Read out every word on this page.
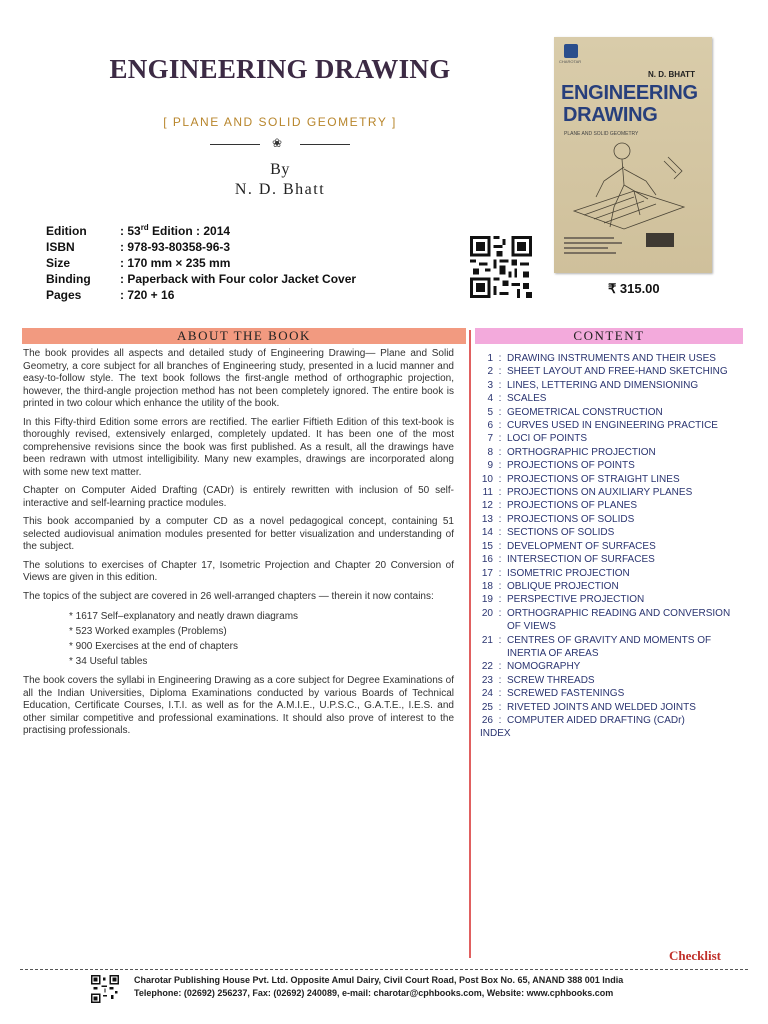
ENGINEERING DRAWING
[ PLANE AND SOLID GEOMETRY ]
❀
By
N. D. Bhatt
Edition	: 53rd Edition : 2014
ISBN	: 978-93-80358-96-3
Size	: 170 mm × 235 mm
Binding	: Paperback with Four color Jacket Cover
Pages	: 720 + 16
CHAROTAR
N. D. BHATT
ENGINEERING
DRAWING
PLANE AND SOLID GEOMETRY
₹ 315.00
ABOUT THE BOOK	CONTENT

The book provides all aspects and detailed study of Engineering Drawing— Plane and Solid Geometry, a core subject for all branches of Engineering study, presented in a lucid manner and easy-to-follow style. The text book follows the first-angle method of orthographic projection, however, the third-angle projection method has not been completely ignored. The entire book is printed in two colour which enhance the utility of the book.

In this Fifty-third Edition some errors are rectified. The earlier Fiftieth Edition of this text-book is thoroughly revised, extensively enlarged, completely updated. It has been one of the most comprehensive revisions since the book was first published. As a result, all the drawings have been redrawn with utmost intelligibility. Many new examples, drawings are incorporated along with some new text matter.

Chapter on Computer Aided Drafting (CADr) is entirely rewritten with inclusion of 50 self-interactive and self-learning practice modules.

This book accompanied by a computer CD as a novel pedagogical concept, containing 51 selected audiovisual animation modules presented for better visualization and understanding of the subject.

The solutions to exercises of Chapter 17, Isometric Projection and Chapter 20 Conversion of Views are given in this edition.

The topics of the subject are covered in 26 well-arranged chapters — therein it now contains:

* 1617 Self–explanatory and neatly drawn diagrams
* 523 Worked examples (Problems)
* 900 Exercises at the end of chapters
* 34 Useful tables

The book covers the syllabi in Engineering Drawing as a core subject for Degree Examinations of all the Indian Universities, Diploma Examinations conducted by various Boards of Technical Education, Certificate Courses, I.T.I. as well as for the A.M.I.E., U.P.S.C., G.A.T.E., I.E.S. and other similar competitive and professional examinations. It should also prove of interest to the practising professionals.

1 : DRAWING INSTRUMENTS AND THEIR USES
2 : SHEET LAYOUT AND FREE-HAND SKETCHING
3 : LINES, LETTERING AND DIMENSIONING
4 : SCALES
5 : GEOMETRICAL CONSTRUCTION
6 : CURVES USED IN ENGINEERING PRACTICE
7 : LOCI OF POINTS
8 : ORTHOGRAPHIC PROJECTION
9 : PROJECTIONS OF POINTS
10 : PROJECTIONS OF STRAIGHT LINES
11 : PROJECTIONS ON AUXILIARY PLANES
12 : PROJECTIONS OF PLANES
13 : PROJECTIONS OF SOLIDS
14 : SECTIONS OF SOLIDS
15 : DEVELOPMENT OF SURFACES
16 : INTERSECTION OF SURFACES
17 : ISOMETRIC PROJECTION
18 : OBLIQUE PROJECTION
19 : PERSPECTIVE PROJECTION
20 : ORTHOGRAPHIC READING AND CONVERSION OF VIEWS
21 : CENTRES OF GRAVITY AND MOMENTS OF INERTIA OF AREAS
22 : NOMOGRAPHY
23 : SCREW THREADS
24 : SCREWED FASTENINGS
25 : RIVETED JOINTS AND WELDED JOINTS
26 : COMPUTER AIDED DRAFTING (CADr)
INDEX
Checklist
Charotar Publishing House Pvt. Ltd. Opposite Amul Dairy, Civil Court Road, Post Box No. 65, ANAND 388 001 India
Telephone: (02692) 256237, Fax: (02692) 240089, e-mail: charotar@cphbooks.com, Website: www.cphbooks.com
